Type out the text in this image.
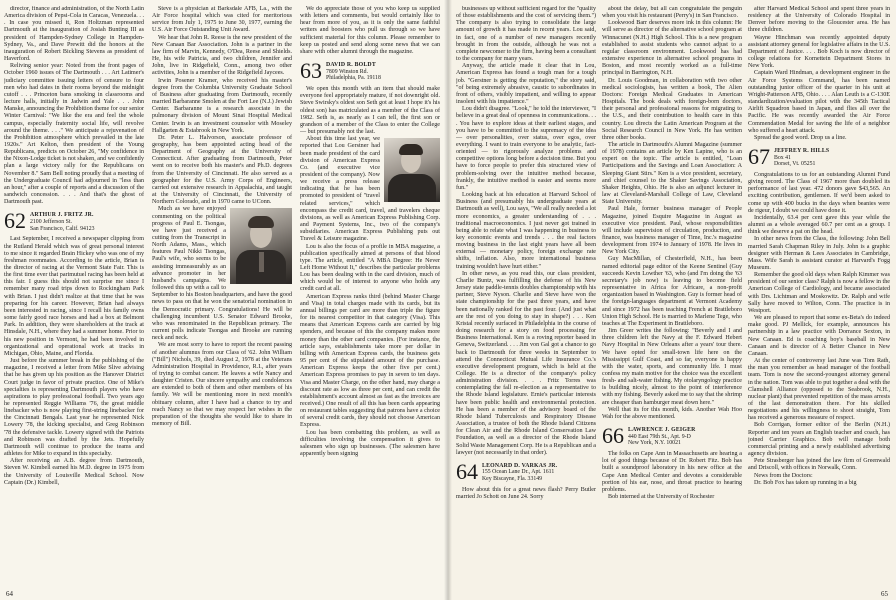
director, finance and administration, of the North Latin America division of Pepsi-Cola in Caracas, Venezuela. . . . In case you missed it, Ron Holtzman represented Dartmouth at the inauguration of Josiah Bunting III as president of Hampden-Sydney College in Hampden-Sydney, Va., and Dave Prewitt did the honors at the inauguration of Robert Bickling Stevens as president of Haverford.

Reliving senior year: Noted from the front pages of October 1960 issues of The Dartmouth . . . Art Latimer's judiciary committee issuing letters of censure to four men who had dates in their rooms beyond the midnight cutoff . . . Princeton bans smoking in classrooms and lecture halls, initially in Jadwin and Yale . . . John Manske, announcing the Prohibition theme for our senior Winter Carnival: "We like the era and feel the whole campus, especially fraternity social life, will revolve around the theme. . . ." We anticipate a rejuvenation of the Prohibition atmosphere which prevailed in the late 1920s." Art Kelton, then president of the Young Republicans, predicts on October 26, "My confidence in the Nixon-Lodge ticket is not shaken, and we confidently plan a large victory rally for the Republicans on November 8." Sam Bell noting proudly that a meeting of the Undergraduate Council had adjourned in "less than an hour," after a couple of reports and a discussion of the sandwich concession. . . . And that's the ghost of Dartmouth past.

62 ARTHUR J. FRITZ JR.
2100 Jefferson St.
San Francisco, Calif. 94123

Last September, I received a newspaper clipping from the Rutland Herald which was of great personal interest to me since it regarded Brain Hickey who was one of my freshman roommates. According to the article, Brian is the director of racing at the Vermont State Fair. This is the first time ever that parimutuel racing has been held at this fair. I guess this should not surprise me since I remember many road trips down to Rockingham Park with Brian. I just didn't realize at that time that he was preparing for his career. However, Brian had always been interested in racing, since I recall his family owns some fairly good race horses and had a box at Belmont Park. In addition, they were shareholders at the track at Hinsdale, N.H., where they had a summer home. Prior to his new position in Vermont, he had been involved in organizational and operational work at tracks in Michigan, Ohio, Maine, and Florida.

Just before the summer break in the publishing of the magazine, I received a letter from Mike Slive advising that he has given up his position as the Hanover District Court judge in favor of private practice. One of Mike's specialties is representing Dartmouth players who have aspirations to play professional football. Two years ago he represented Reggie Williams '76, the great middle linebacker who is now playing first-string linebacker for the Cincinnati Bengals. Last year he represented Nick Lowery '78, the kicking specialist, and Greg Robinson '78 the defensive tackle. Lowery signed with the Patriots and Robinson was drafted by the Jets. Hopefully Dartmouth will continue to produce the teams and athletes for Mike to expand in this specialty.

After receiving an A.B. degree from Dartmouth, Steven W. Kimbell earned his M.D. degree in 1975 from the University of Louisville Medical School. Now Captain (Dr.) Kimbell,

Steve is a physician at Barksdale AFB, La., with the Air Force hospital which was cited for meritorious service from July 1, 1975 to June 30, 1977, earning the U.S. Air Force Outstanding Unit Award.

We hear that John R. Reese is the new president of the New Canaan Bar Association. John is a partner in the law firm of Marvin, Kennedy, O'Dea, Reese and Shields. He, his wife Patricia, and two children, Jennifer and John, live in Ridgefield, Conn., among two other activities, John is a member of the Ridgefield Jaycees.

Irwin Posener Kramer, who received his master's degree from the Columbia University Graduate School of Business after graduating from Dartmouth, recently married Barbaranne Smolen at the Fort Lee (N.J.) Jewish Center. Barbaranne is a research associate in the pulmonary division of Mount Sinai Hospital Medical Center. Irwin is an investment counselor with Moseley Hallgarten & Estabrook in New York.

Dr. Peter L. Halvorson, associate professor of geography, has been appointed acting head of the Department of Geography at the University of Connecticut. After graduating from Dartmouth, Peter went on to receive both his master's and Ph.D. degrees from the University of Cincinnati. He also served as a geographer for the U.S. Army Corps of Engineers, carried out extensive research in Appalachia, and taught at the University of Cincinnati, the University of Northern Colorado, and in 1970 came to UConn.

Much as we have enjoyed commenting on the political progress of Paul E. Tsongas, we have just received a cutting from the Transcript in North Adams, Mass., which features Paul Nikki Tsongas, Paul's wife, who seems to be assisting immeasurably as an advance promoter in her husband's campaigns. We followed this up with a call to September to his Boston headquarters, and have the good news to pass on that he won the senatorial nomination in the Democratic primary. Congratulations! He will be challenging incumbent U.S. Senator Edward Brooke, who was renominated in the Republican primary. The current polls indicate Tsongas and Brooke are running neck and neck.

We are most sorry to have to report the recent passing of another alumnus from our Class of '62. John William ("Bill") Nichols, 39, died August 2, 1978 at the Veterans Administration Hospital in Providence, R.I., after years of trying to combat cancer. He leaves a wife Nancy and daughter Cristen. Our sincere sympathy and condolences are extended to both of them and other members of his family. We will be mentioning more in next month's obituary column, after I have had a chance to try and reach Nancy so that we may respect her wishes in the preparation of the thoughts she would like to share in memory of Bill.

We do appreciate those of you who keep us supplied with letters and comments, but would certainly like to hear from more of you, as it is only the same faithful writers and boosters who pull us through so we have sufficient material for this column. Please remember to keep us posted and send along some news that we can share with other alumni through the magazine.

63 DAVID R. BOLDT
7809 Winston Rd.
Philadelphia, Pa. 19118

We open this month with an item that should make everyone feel appropriately mature, if not downright old. Steve Swirsky's oldest son Seth got at least I hope it's his oldest son) has matriculated as a member of the Class of 1982. Seth is, as nearly as I can tell, the first son or grandson of a member of the Class to enter the College — but presumably not the last.

About this time last year, we reported that Lou Gerstner had been made president of the card division of American Express Co. (and executive vice president of the company). Now we receive a press release indicating that he has been promoted to president of "travel related services," which encompass the credit card, travel, and travelers cheque divisions, as well as American Express Publishing Corp. and Payment Systems, Inc., two of the company's subsidiaries. American Express Publishing puts out Travel & Leisure magazine.

Lou is also the focus of a profile in MBA magazine, a publication specifically aimed at persons of that blood type. The article, entitled "A MBA Degree: He Never Left Home Without It," describes the particular problems Lou has been dealing with in the card division, much of which would be of interest to anyone who holds any credit card at all.

American Express ranks third (behind Master Charge and Visa) in total charges made with its cards, but its annual billings per card are more than triple the figure for its nearest competitor in that category (Visa). This means that American Express cards are carried by big spenders, and because of this the company makes more money than the other card companies. (For instance, the article says, establishments take more per dollar in billing with American Express cards, the business gets 95 per cent of the stipulated amount of the purchase. American Express keeps the other five per cent.) American Express promises to pay in seven to ten days. Visa and Master Charge, on the other hand, may charge a discount rate as low as three per cent, and can credit the establishment's account almost as fast as the invoices are received.) One result of all this has been cards appearing on restaurant tables suggesting that patrons have a choice of several credit cards, they should not choose American Express.

Lou has been combatting this problem, as well as difficulties involving the compensation it gives to salesmen who sign up businesses. (The salesmen have apparently been signing

64

businesses up without sufficient regard for the "quality of those establishments and the cost of servicing them.") The company is also trying to consolidate the large amount of growth it has made in recent years. Lou said, in fact, one of a number of new managers recently brought in from the outside, although he was not a complete newcomer to the firm, having been a consultant to the company for many years.

Anyway, the article made it clear that in Lou, American Express has found a tough man for a tough job. "Gerstner is getting the reputation," the story said, "of being extremely abrasive, caustic to subordinates in front of others, visibly impatient, and willing to appear insolent with his impatience."

Lou didn't disagree. "Look," he told the interviewer, "I believe in a great deal of openness in communications. . . . You have to explore ideas at their earliest stages, and you have to be committed to the supremacy of the idea — over personalities, over status, over egos, over everything. I want to train everyone to be analytic, fact-oriented — to rigorously analyze problems and competitive options long before a decision time. But you have to force people to prefer this structured view of problem-solving over the intuitive method because, frankly, the intuitive method is easier and seems more fun."

Looking back at his education at Harvard School of Business (and presumably his undergraduate years at Dartmouth as well), Lou says, "We all really needed a lot more economics, a greater understanding of . . . traditional macroeconomics. I just never got trained in being able to relate what I was happening in business to key economic events and trends . . . the real factors moving business in the last eight years have all been external — monetary policy, foreign exchange rate shifts, inflation. Also, more international business training wouldn't have hurt either."

In other news, as you read this, our class president, Charlie Buntz, was fulfilling the defense of his New Jersey state paddle-tennis doubles championship with his partner, Steve Nyson. Charlie and Steve have won the state championship for the past three years, and have been nationally ranked for the past four. (And just what are the rest of you doing to stay in shape?) . . . Ken Kristal recently surfaced in Philadelphia in the course of doing research for a story on food processing for Business International. Ken is a roving reporter based in Geneva, Switzerland. . . . Jim von Gal got a chance to go back to Dartmouth for three weeks in September to attend the Connecticut Mutual Life Insurance Co.'s executive development program, which is held at the College. He is a director of the company's policy administration division. . . . Fritz Torres was contemplating the fall re-election as a representative to the Rhode Island legislature. Ernie's particular interests have been public health and environmental protection. He has been a member of the advisory board of the Rhode Island Tuberculosis and Respiratory Disease Association, a trustee of both the Rhode Island Citizens for Clean Air and the Rhode Island Conservation Law Foundation, as well as a director of the Rhode Island Solid Waste Management Corp. He is a Republican and a lawyer (not necessarily in that order).

64 LEONARD D. VARKAS JR.
155 Ocean Lane Dr., Apt. 1611
Key Biscayne, Fla. 33149

How about this for a great news flash? Perry Butler married Jo Schott on June 24. Sorry

about the delay, but all can congratulate the penguin when you visit his restaurant (Perry's) in San Francisco.

Lookwood Barr deserves more ink in this column: He will serve as director of the alternative school program at Winnacunet (N.H.) High School. This is a new program established to assist students who cannot adjust to a regular classroom environment. Lookwood has had extensive experience in alternative school programs in Boston, and most recently worked as a full-time principal in Barrington, N.H.

Dr. Louis Goodman, in collaboration with two other medical sociologists, has written a book, The Alien Doctors: Foreign Medical Graduates in American Hospitals. The book deals with foreign-born doctors, their personal and professional reasons for migrating to the U.S., and their contribution to health care in this country. Lou directs the Latin American Program at the Social Research Council in New York. He has written three other books.

The article in Dartmouth's Alumni Magazine (summer of 1978) contains an article by Ken Lapine, who is an expert on the topic. The article is entitled, "Loan Participations and the Savings and Loan Association: A Sleeping Giant Stirs." Ken is a vice president, secretary, and chief counsel to the Shaker Savings Association, Shaker Heights, Ohio. He is also an adjunct lecturer in law at Cleveland-Marshall College of Law, Cleveland State University.

Paul Hale, former business manager of People Magazine, joined Esquire Magazine in August as executive vice president. Paul, whose responsibilities will include supervision of circulation, production, and finance, was business manager of Time, Inc.'s magazine development from 1974 to January of 1978. He lives in New York City.

Guy MacMillan, of Chesterfield, N.H., has been named editorial page editor of the Keene Sentinel (Guy succeeds Kevin Lowther '63, who (and I'm doing the '63 secretary's job now) is leaving to become field representative in Africa for Africare, a non-profit organization based in Washington. Guy is former head of the foreign-languages department at Vermont Academy and since 1972 has been teaching French at Brattleboro Union High School. He is married to Marlene Tege, who teaches at The Experiment in Brattleboro.

Jim Greer writes the following: "Beverly and I and three children left the Navy at the F. Edward Hebert Navy Hospital in New Orleans after a years' tour there. We have opted for small-town life here on the Mississippi Gulf Coast, and so far, everyone is happy with the water, sports, and community life. I must confess my main motive for the choice was the excellent fresh- and salt-water fishing. My otolaryngology practice is building nicely, almost to the point of interference with my fishing. Beverly asked me to say that the shrimp are cheaper than hamburger meat down here."

Well that its for this month, kids. Another Wah Hoo Wah for the above mentioned.

66 LAWRENCE J. GEIGER
440 East 79th St., Apt. 9-D
New York, N.Y. 10021

The folks on Cape Ann in Massachusetts are hearing a lot of good things because of Dr. Robert Fitz. Bob has built a soundproof laboratory in his new office at the Cape Ann Medical Center and devotes a considerable portion of his ear, nose, and throat practice to hearing problems.

Bob interned at the University of Rochester

after Harvard Medical School and spent three years in residency at the University of Colorado Hospital in Denver before moving to the Gloucester area. He has three children.

Wayne Hinchman was recently appointed deputy assistant attorney general for legislative affairs in the U.S. Department of Justice. . . . Bob Koch is now director of college relations for Kornettein Department Stores in New York.

Captain Ward Hindman, a development engineer in the Air Force Systems Command, has been named outstanding junior officer of the quarter in his unit at Wright-Patterson AFB, Ohio. . . . Alan Leuth is a C-130E standardization/evaluation pilot with the 345th Tactical Airlift Squadron based in Japan, and flies all over the Pacific. He was recently awarded the Air Force Commendation Medal for saving the life of a neighbor who suffered a heart attack.

Spread the good word. Drop us a line.

67 JEFFREY R. HILLS
Box 41
Dorset, Vt. 05251

Congratulations to us for an outstanding Alumni Fund giving record. The Class of 1967 more than doubled its performance of last year. 472 donors gave $43,565. An exciting contribution, gentlemen. If we'd been asked to come up with 400 bucks in the days when beanies were de rigeur, I doubt we could have done it.

Incidentally, 63.4 per cent gave this year while the alumni as a whole averaged 60.7 per cent as a group. I think we deserve a pat on the head.

In other news from the Class, the following: John Bell married Sarah Chapman Riley in July. John is a graphic designer with Herman & Lees Associates in Cambridge, Mass. Wife Sarah is assistant curator at Harvard's Fogg Museum.

Remember the good old days when Ralph Kimmer was president of our senior class? Ralph is now a fellow in the American College of Cardiology, and became associated with Drs. Lichtman and Moskowitz. Dr. Ralph and wife Sally have moved to Wilton, Conn. The practice is in Westport.

We are pleased to report that some ex-Beta's do indeed make good. PJ Mellick, for example, announces his partnership in a law practice with Dorrance Sexton, in New Canaan. Ed is coaching boy's baseball in New Canaan and is director of A Better Chance in New Canaan.

At the center of controversy last June was Tom Rath, the man you remember as head manager of the football team. Tom is now the second-youngest attorney general in the nation. Tom was able to put together a deal with the Clamshell Alliance (opposed to the Seabrook, N.H., nuclear plant) that prevented repetition of the mass arrests of the last demonstration there. For his skilled negotiations and his willingness to shoot straight, Tom has received a generous measure of respect.

Bob Corrigan, former editor of the Berlin (N.H.) Reporter and ten years an English teacher and coach, has joined Carrier Graphics. Bob will manage both commercial printing and a newly established advertising agency division.

Pete Strasberger has joined the law firm of Greenwald and Driscoll, with offices in Norwalk, Conn.

News from the Doctors:

Dr. Bob Fox has taken up running in a big

65
